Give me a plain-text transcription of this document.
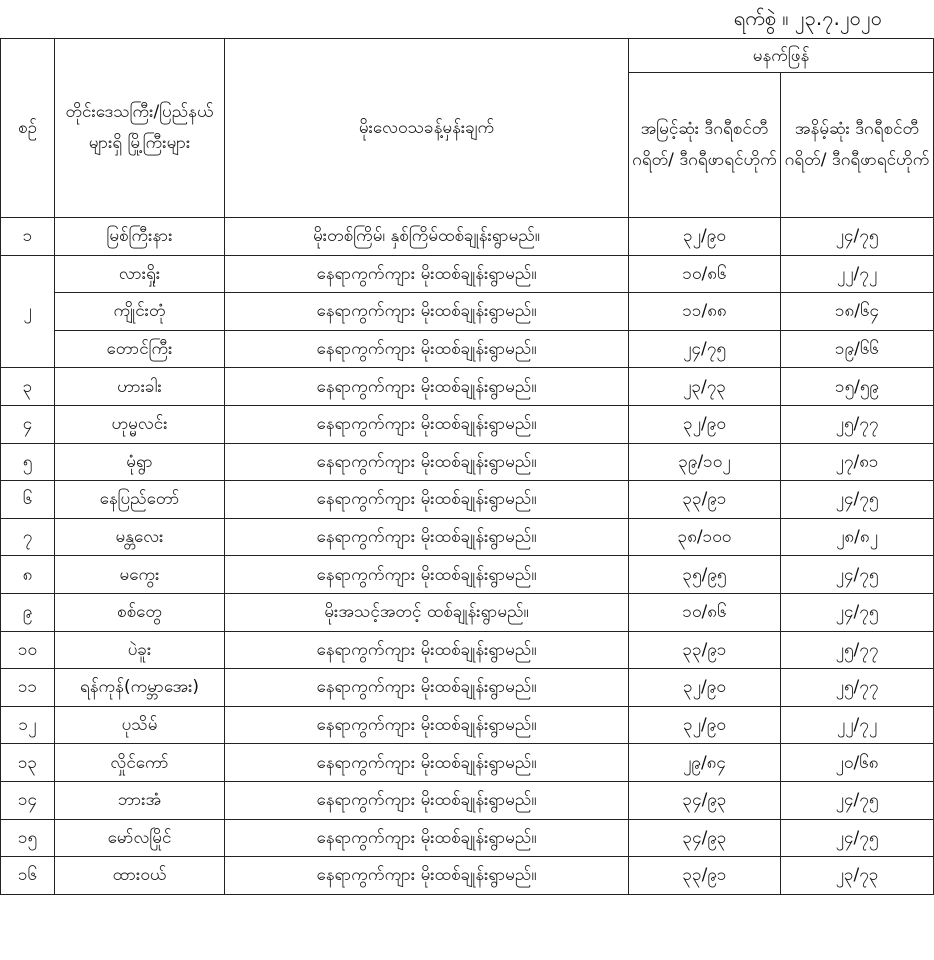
ရက်စွဲ ။ ၂၃.၇.၂၀၂၀
စဉ်	တိုင်းဒေသကြီး/ပြည်နယ်များရှိ မြို့ကြီးများ	မိုးလေဝသခန့်မှန်းချက်	မနက်ဖြန်	
			အမြင့်ဆုံး ဒီဂရီစင်တီဂရိတ်/ ဒီဂရီဖာရင်ဟိုက်	အနိမ့်ဆုံး ဒီဂရီစင်တီဂရိတ်/ ဒီဂရီဖာရင်ဟိုက်
၁	မြစ်ကြီးနား	မိုးတစ်ကြိမ်၊ နှစ်ကြိမ်ထစ်ချုန်းရွာမည်။	၃၂/၉၀	၂၄/၇၅
၂	လားရှိုး	နေရာကွက်ကျား မိုးထစ်ချုန်းရွာမည်။	၁၀/၈၆	၂၂/၇၂
	ကျိုင်းတုံ	နေရာကွက်ကျား မိုးထစ်ချုန်းရွာမည်။	၁၁/၈၈	၁၈/၆၄
	တောင်ကြီး	နေရာကွက်ကျား မိုးထစ်ချုန်းရွာမည်။	၂၄/၇၅	၁၉/၆၆
၃	ဟားခါး	နေရာကွက်ကျား မိုးထစ်ချုန်းရွာမည်။	၂၃/၇၃	၁၅/၅၉
၄	ဟုမ္မလင်း	နေရာကွက်ကျား မိုးထစ်ချုန်းရွာမည်။	၃၂/၉၀	၂၅/၇၇
၅	မုံရွာ	နေရာကွက်ကျား မိုးထစ်ချုန်းရွာမည်။	၃၉/၁၀၂	၂၇/၈၁
၆	နေပြည်တော်	နေရာကွက်ကျား မိုးထစ်ချုန်းရွာမည်။	၃၃/၉၁	၂၄/၇၅
၇	မန္တလေး	နေရာကွက်ကျား မိုးထစ်ချုန်းရွာမည်။	၃၈/၁၀၀	၂၈/၈၂
၈	မကွေး	နေရာကွက်ကျား မိုးထစ်ချုန်းရွာမည်။	၃၅/၉၅	၂၄/၇၅
၉	စစ်တွေ	မိုးအသင့်အတင့် ထစ်ချုန်းရွာမည်။	၁၀/၈၆	၂၄/၇၅
၁၀	ပဲခူး	နေရာကွက်ကျား မိုးထစ်ချုန်းရွာမည်။	၃၃/၉၁	၂၅/၇၇
၁၁	ရန်ကုန်(ကမ္ဘာအေး)	နေရာကွက်ကျား မိုးထစ်ချုန်းရွာမည်။	၃၂/၉၀	၂၅/၇၇
၁၂	ပုသိမ်	နေရာကွက်ကျား မိုးထစ်ချုန်းရွာမည်။	၃၂/၉၀	၂၂/၇၂
၁၃	လှိုင်ကော်	နေရာကွက်ကျား မိုးထစ်ချုန်းရွာမည်။	၂၉/၈၄	၂၀/၆၈
၁၄	ဘားအံ	နေရာကွက်ကျား မိုးထစ်ချုန်းရွာမည်။	၃၄/၉၃	၂၄/၇၅
၁၅	မော်လမြိုင်	နေရာကွက်ကျား မိုးထစ်ချုန်းရွာမည်။	၃၄/၉၃	၂၄/၇၅
၁၆	ထားဝယ်	နေရာကွက်ကျား မိုးထစ်ချုန်းရွာမည်။	၃၃/၉၁	၂၃/၇၃
